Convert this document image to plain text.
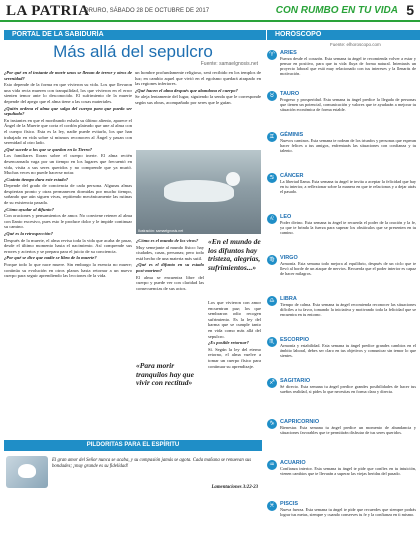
LA PATRIA
ORURO, SÁBADO 28 DE OCTUBRE DE 2017	CON RUMBO EN TU VIDA 5
PORTAL DE LA SABIDURÍA	HORÓSCOPO
Más allá del sepulcro
Fuente: samaelgnosis.net

¿Por qué en el instante de morir unos se llenan de terror y otros de serenidad?

Esto depende de la forma en que vivieron su vida. Los que llevaron una vida recta mueren con tranquilidad, los que vivieron en el error sienten temor ante lo desconocido. El sufrimiento de la muerte depende del apego que el alma tiene a las cosas materiales.

¿Quién ordena el alma que salga del cuerpo para que pueda ser sepultado?

En instantes en que el moribundo exhala su último aliento, aparece el Ángel de la Muerte que corta el cordón plateado que une al alma con el cuerpo físico. Esta es la ley, nadie puede evitarlo, los que han trabajado en vida sobre sí mismos reconocen al Ángel y pasan con serenidad al otro lado.

¿Qué sucede a los que se quedan en la Tierra?

Los familiares lloran sobre el cuerpo inerte. El alma recién desencarnada vaga por un tiempo en los lugares que frecuentó en vida, visita a sus seres queridos y no comprende que ya murió. Muchas veces no puede hacerse notar.

¿Cuánto tiempo dura este estado?

Depende del grado de conciencia de cada persona. Algunas almas despiertan pronto y otras permanecen dormidas por mucho tiempo, soñando que aún siguen vivas, repitiendo mecánicamente las rutinas de su existencia pasada.

¿Cómo ayudar al difunto?

Con oraciones y pensamientos de amor. No conviene retener al alma con llanto excesivo, pues esto le produce dolor y le impide continuar su camino.

¿Qué es la retrospección?

Después de la muerte, el alma revisa toda la vida que acaba de pasar, desde el último momento hasta el nacimiento. Así comprende sus errores y aciertos y se prepara para el juicio de su conciencia.

¿Por qué se dice que nadie se libra de la muerte?

Porque todo lo que nace muere. Sin embargo la esencia no muere; continúa su evolución en otros planos hasta retornar a un nuevo cuerpo para seguir aprendiendo las lecciones de la vida.

un hombre profundamente religioso, será recibido en los templos de luz; en cambio aquel que vivió en el egoísmo quedará atrapado en las regiones inferiores.

¿Qué hacen el alma después que abandona el cuerpo?

Se aleja lentamente del lugar, siguiendo la senda que le corresponde según sus obras, acompañado por seres que le guían.

Ilustración: samaelgnosis.net

¿Cómo es el mundo de los vivos?

Muy semejante al mundo físico: hay ciudades, casas, personas; pero todo está hecho de una materia más sutil.

¿Qué es el difunto en su estado post-mortem?

El alma se encuentra libre del cuerpo y puede ver con claridad las consecuencias de sus actos.

«En el mundo de los difuntos hay tristeza, alegrías, sufrimientos...»

Los que vivieron con amor encuentran paz; los que sembraron odio recogen sufrimiento. Es la ley del karma que se cumple tanto en vida como más allá del sepulcro.

¿Es posible retornar?

Sí. Según la ley del eterno retorno, el alma vuelve a tomar un cuerpo físico para continuar su aprendizaje.

«Para morir tranquilos hay que vivir con rectitud»
PILDORITAS PARA EL ESPÍRITU
El gran amor del Señor nunca se acaba, y su compasión jamás se agota. Cada mañana se renuevan sus bondades; ¡muy grande es su fidelidad!
Lamentaciones 3:22-23
Fuente: elhoroscopo.com
♈ ARIES
Fuerza desde el corazón. Esta semana tu ángel te recomienda volver a estar y pensar en positivo, para que tu vida fluya de forma natural. Intentarás un proyecto laboral que está muy relacionado con tus intereses y la llenarás de motivación.
♉ TAURO
Progreso y prosperidad. Esta semana tu ángel predice la llegada de personas que tienen un potencial, comunicación y valores que te ayudarán a mejorar tu situación económica de forma estable.
♊ GÉMINIS
Nuevos caminos. Esta semana te rodean de los triunfos y personas que esperan hacer felices a tus amigos, enfrentarás las situaciones con confianza y tu talento.
♋ CÁNCER
La libertad llama. Esta semana tu ángel te invita a aceptar la felicidad que hay en tu interior, a reflexionar sobre la manera en que te relacionas y a dejar atrás el pasado.
♌ LEO
Poder divino. Esta semana tu ángel te recuerda el poder de la oración y la fe, ya que te brinda la fuerza para superar los obstáculos que se presenten en tu camino.
♍ VIRGO
Armonía. Esta semana todo mejora al equilibrio, después de un ciclo que te llevó al borde de un ataque de nervios. Recuerda que el poder interior es capaz de hacer milagros.
♎ LIBRA
Tiempo de calma. Esta semana tu ángel recomienda reconocer las situaciones difíciles a tu favor, tomando la iniciativa y motivando toda la felicidad que se encuentra en tu entorno.
♏ ESCORPIO
Armonía y estabilidad. Esta semana tu ángel predice grandes cambios en el ámbito laboral, debes ser claro en tus objetivos y comunicar sin temor lo que sientes.
♐ SAGITARIO
Sé directo. Esta semana tu ángel predice grandes posibilidades de hacer tus sueños realidad, si pides lo que necesitas en forma clara y directa.
♑ CAPRICORNIO
Bienestar. Esta semana tu ángel predice un momento de abundancia y situaciones favorables que te permitirán disfrutar de tus seres queridos.
♒ ACUARIO
Confianza interior. Esta semana tu ángel te pide que confíes en tu intuición, vienen cambios que te llevarán a superar las viejas heridas del pasado.
♓ PISCIS
Nueva fuerza. Esta semana tu ángel te pide que recuerdes que siempre podrás lograr tus metas, siempre y cuando conserves tu fe y la confianza en ti mismo.
